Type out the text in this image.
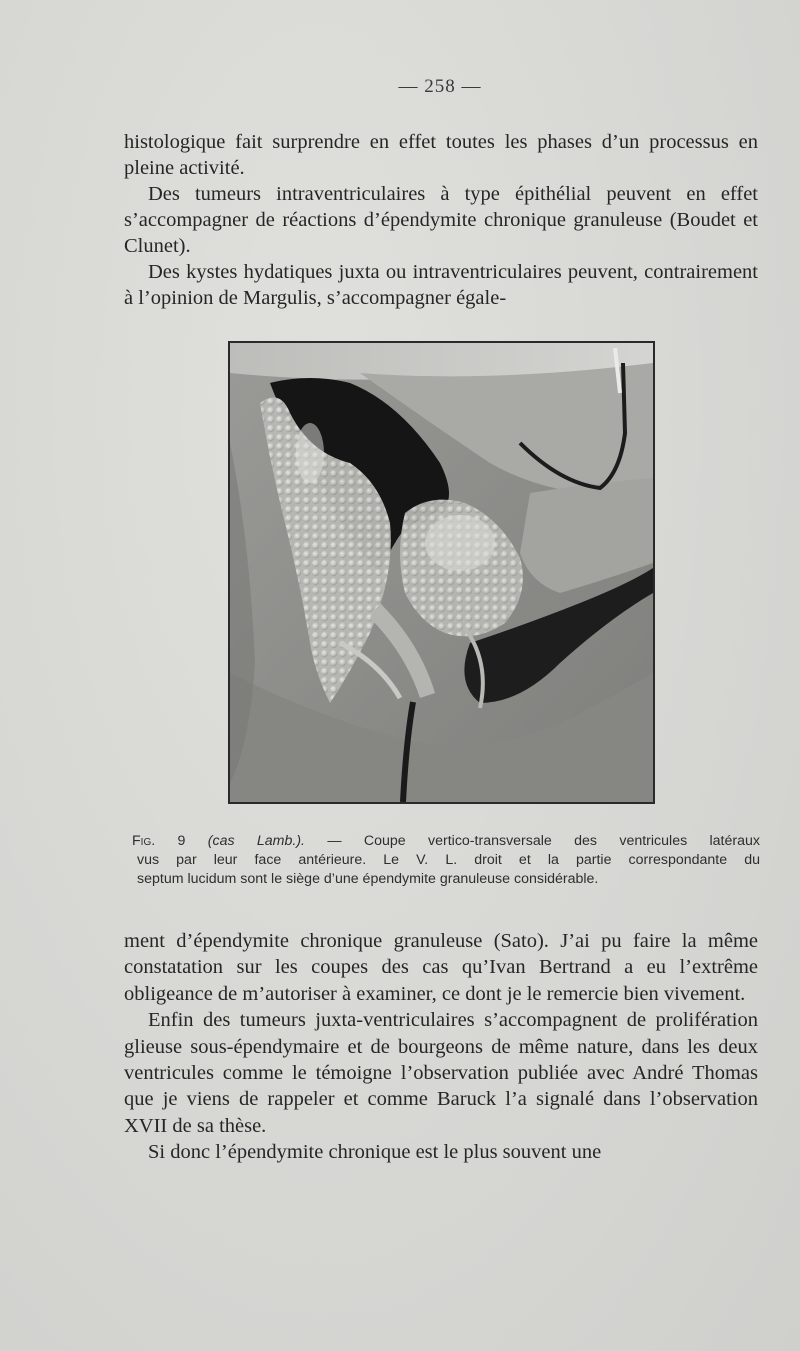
— 258 —

histologique fait surprendre en effet toutes les phases d’un processus en pleine activité.

Des tumeurs intraventriculaires à type épithélial peuvent en effet s’accompagner de réactions d’épendymite chronique granuleuse (Boudet et Clunet).

Des kystes hydatiques juxta ou intraventriculaires peuvent, contrairement à l’opinion de Margulis, s’accompagner égale-

Fig. 9 (cas Lamb.). — Coupe vertico-transversale des ventricules latéraux
vus par leur face antérieure. Le V. L. droit et la partie correspondante du
septum lucidum sont le siège d’une épendymite granuleuse considérable.

ment d’épendymite chronique granuleuse (Sato). J’ai pu faire la même constatation sur les coupes des cas qu’Ivan Bertrand a eu l’extrême obligeance de m’autoriser à examiner, ce dont je le remercie bien vivement.

Enfin des tumeurs juxta-ventriculaires s’accompagnent de prolifération glieuse sous-épendymaire et de bourgeons de même nature, dans les deux ventricules comme le témoigne l’observation publiée avec André Thomas que je viens de rappeler et comme Baruck l’a signalé dans l’observation XVII de sa thèse.

Si donc l’épendymite chronique est le plus souvent une
